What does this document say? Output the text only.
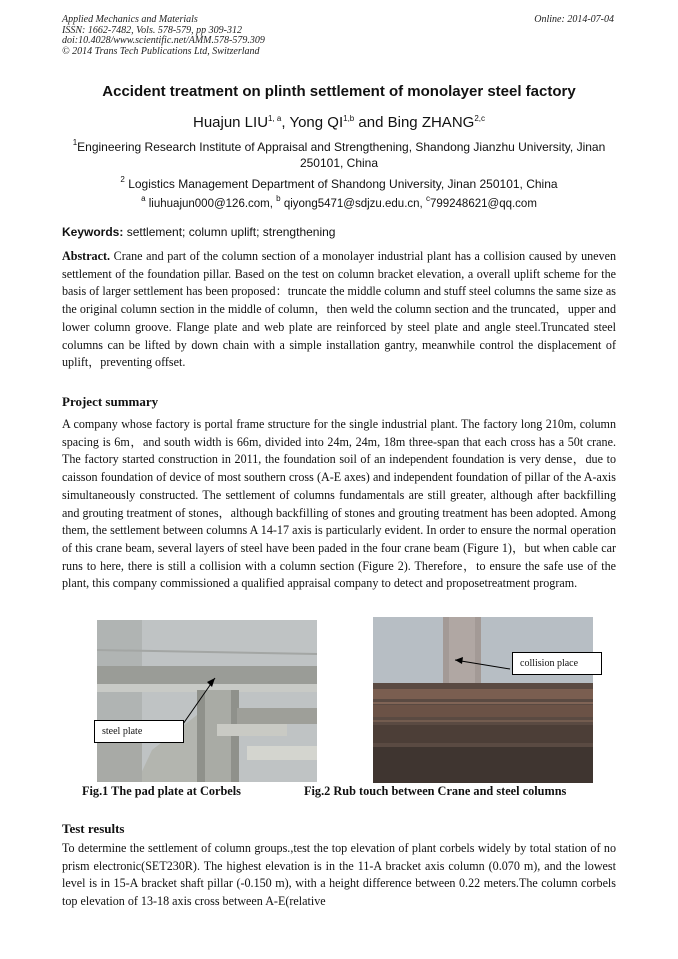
Applied Mechanics and Materials
ISSN: 1662-7482, Vols. 578-579, pp 309-312
doi:10.4028/www.scientific.net/AMM.578-579.309
© 2014 Trans Tech Publications Ltd, Switzerland
Online: 2014-07-04
Accident treatment on plinth settlement of monolayer steel factory
Huajun LIU$^{1, a}$, Yong QI$^{1,b}$ and Bing ZHANG$^{2,c}$
$^1$Engineering Research Institute of Appraisal and Strengthening, Shandong Jianzhu University, Jinan 250101, China
$^2$ Logistics Management Department of Shandong University, Jinan 250101, China
$^a$ liuhuajun000@126.com, $^b$ qiyong5471@sdjzu.edu.cn, $^c$799248621@qq.com
Keywords: settlement; column uplift; strengthening
Abstract. Crane and part of the column section of a monolayer industrial plant has a collision caused by uneven settlement of the foundation pillar. Based on the test on column bracket elevation, a overall uplift scheme for the basis of larger settlement has been proposed：truncate the middle column and stuff steel columns the same size as the original column section in the middle of column，then weld the column section and the truncated，upper and lower column groove. Flange plate and web plate are reinforced by steel plate and angle steel.Truncated steel columns can be lifted by down chain with a simple installation gantry, meanwhile control the displacement of uplift，preventing offset.
Project summary
A company whose factory is portal frame structure for the single industrial plant. The factory long 210m, column spacing is 6m，and south width is 66m, divided into 24m, 24m, 18m three-span that each cross has a 50t crane. The factory started construction in 2011, the foundation soil of an independent foundation is very dense，due to caisson foundation of device of most southern cross (A-E axes) and independent foundation of pillar of the A-axis simultaneously constructed. The settlement of columns fundamentals are still greater, although after backfilling and grouting treatment of stones，although backfilling of stones and grouting treatment has been adopted. Among them, the settlement between columns A 14-17 axis is particularly evident. In order to ensure the normal operation of this crane beam, several layers of steel have been paded in the four crane beam (Figure 1)，but when cable car runs to here, there is still a collision with a column section (Figure 2). Therefore，to ensure the safe use of the plant, this company commissioned a qualified appraisal company to detect and proposetreatment program.
steel plate
Fig.1 The pad plate at Corbels
collision place
Fig.2 Rub touch between Crane and steel columns
Test results
To determine the settlement of column groups.,test the top elevation of plant corbels widely by total station of no prism electronic(SET230R). The highest elevation is in the 11-A bracket axis column (0.070 m), and the lowest level is in 15-A bracket shaft pillar (-0.150 m), with a height difference between 0.22 meters.The column corbels top elevation of 13-18 axis cross between A-E(relative
